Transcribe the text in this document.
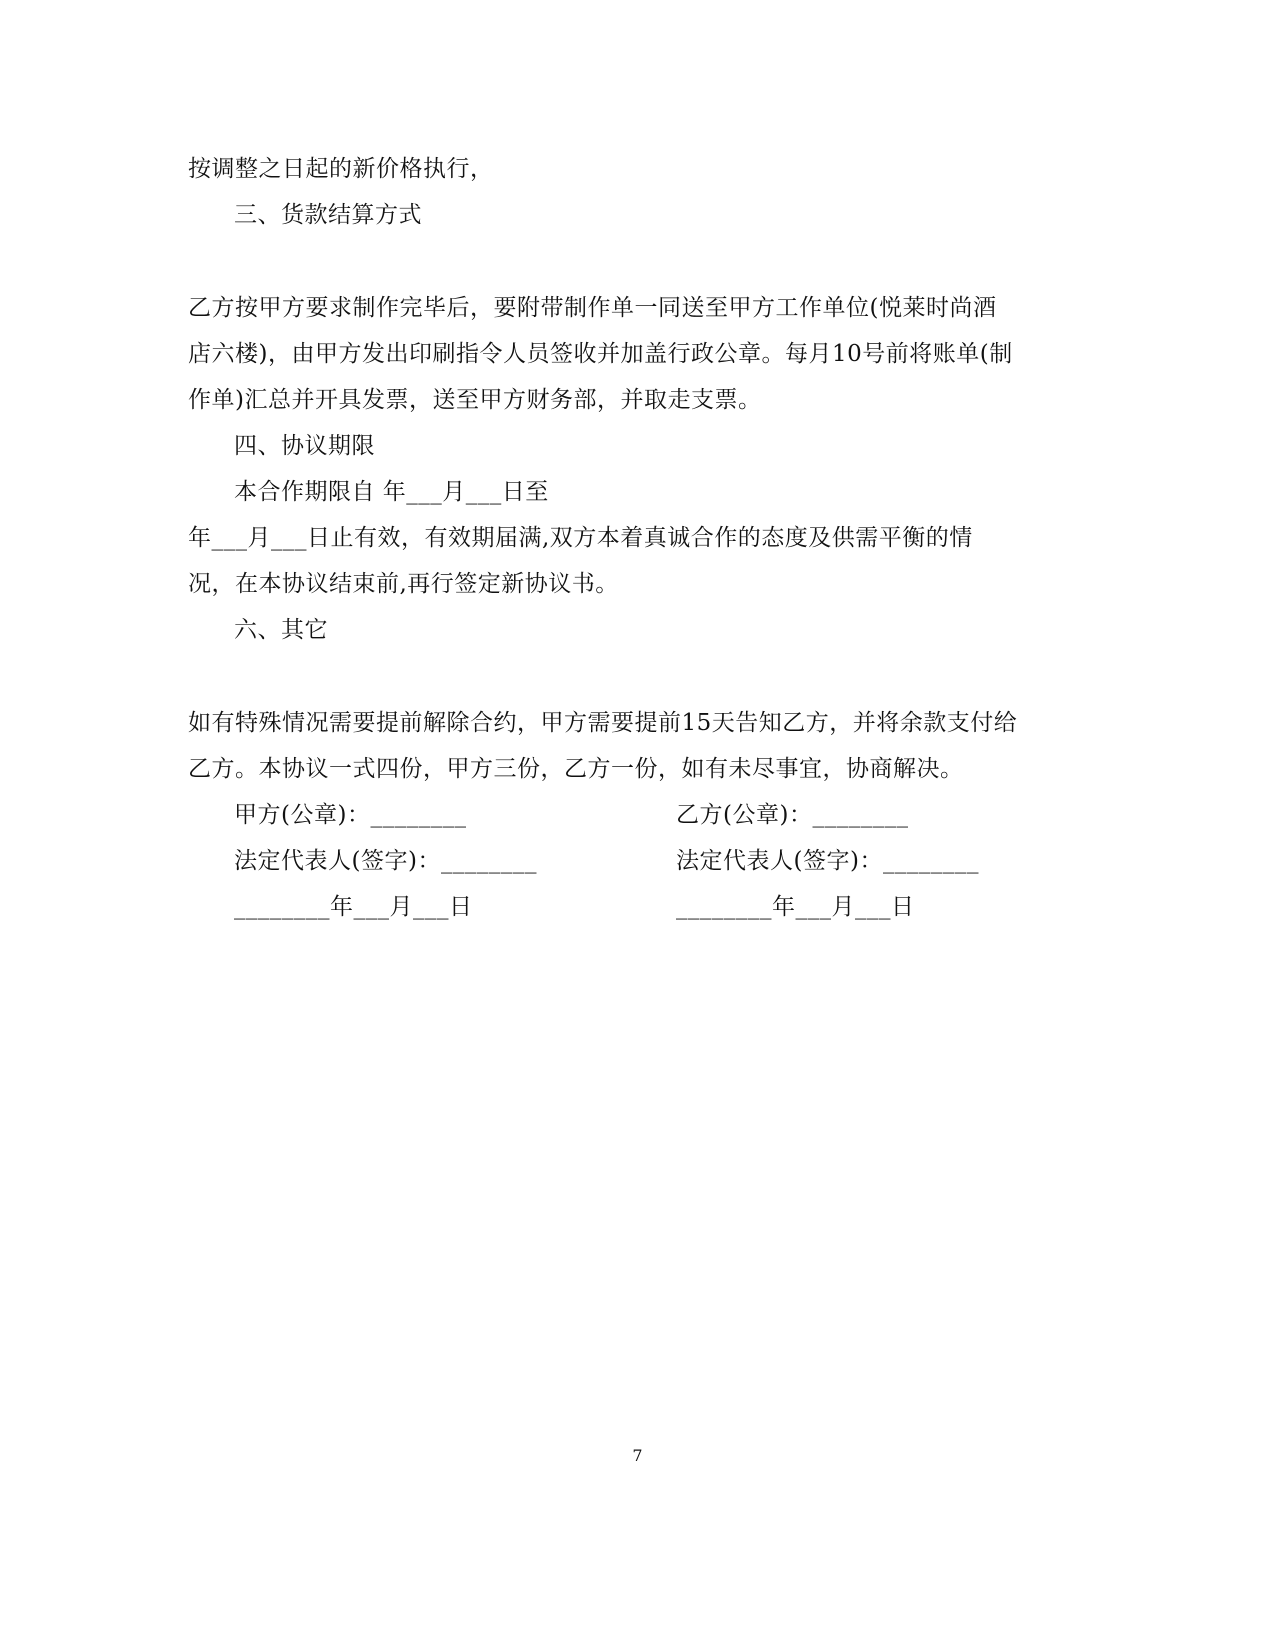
按调整之日起的新价格执行，
三、货款结算方式
乙方按甲方要求制作完毕后，要附带制作单一同送至甲方工作单位(悦莱时尚酒
店六楼)，由甲方发出印刷指令人员签收并加盖行政公章。每月10号前将账单(制
作单)汇总并开具发票，送至甲方财务部，并取走支票。
四、协议期限
本合作期限自 年___月___日至
年___月___日止有效，有效期届满,双方本着真诚合作的态度及供需平衡的情
况，在本协议结束前,再行签定新协议书。
六、其它
如有特殊情况需要提前解除合约，甲方需要提前15天告知乙方，并将余款支付给
乙方。本协议一式四份，甲方三份，乙方一份，如有未尽事宜，协商解决。
甲方(公章)：________	乙方(公章)：________
法定代表人(签字)：________	法定代表人(签字)：________
________年___月___日	________年___月___日
7
